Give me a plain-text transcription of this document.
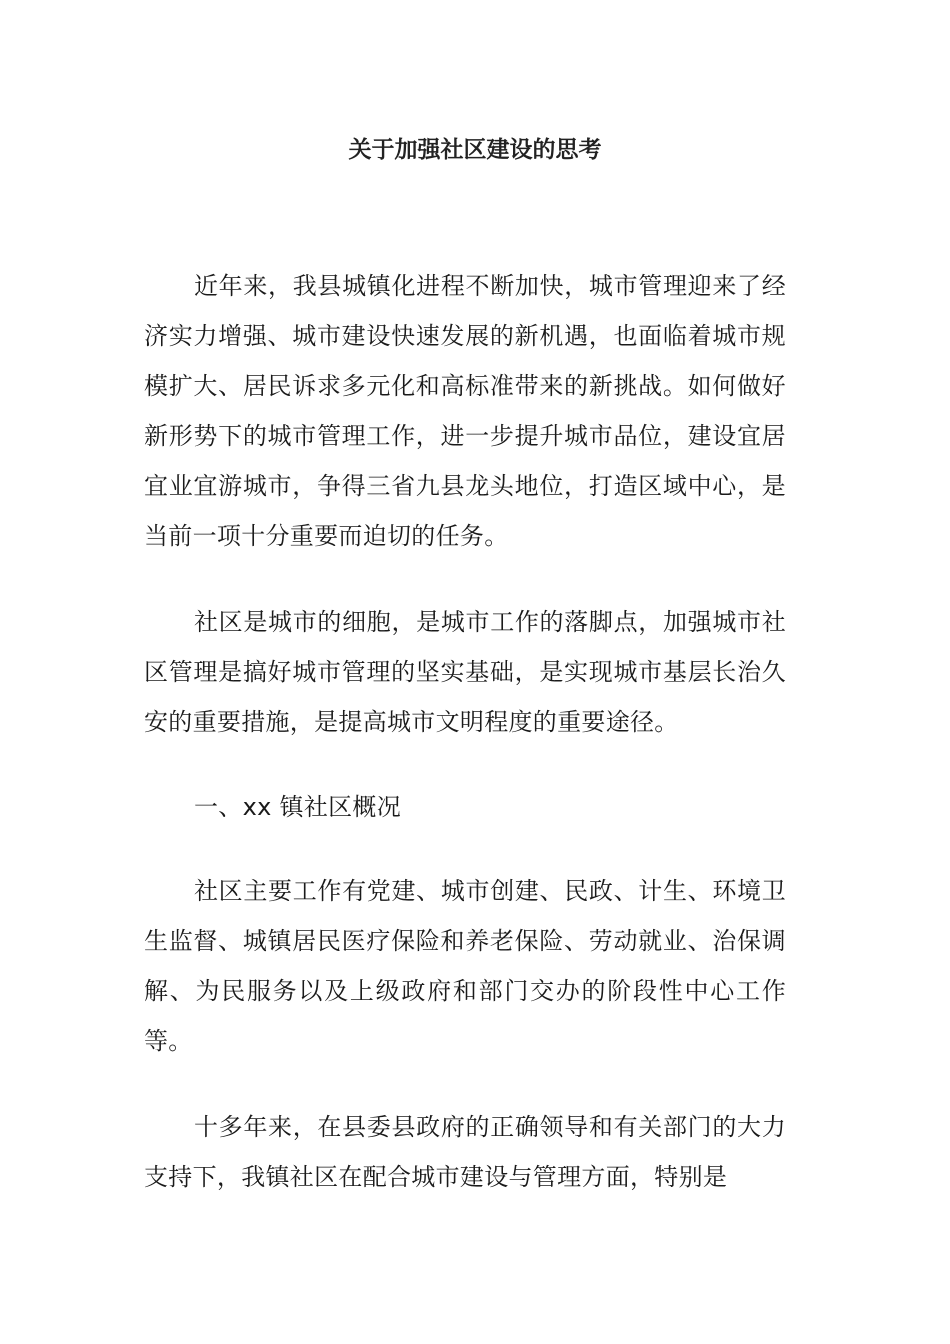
关于加强社区建设的思考

近年来，我县城镇化进程不断加快，城市管理迎来了经济实力增强、城市建设快速发展的新机遇，也面临着城市规模扩大、居民诉求多元化和高标准带来的新挑战。如何做好新形势下的城市管理工作，进一步提升城市品位，建设宜居宜业宜游城市，争得三省九县龙头地位，打造区域中心，是当前一项十分重要而迫切的任务。

社区是城市的细胞，是城市工作的落脚点，加强城市社区管理是搞好城市管理的坚实基础，是实现城市基层长治久安的重要措施，是提高城市文明程度的重要途径。

一、xx 镇社区概况

社区主要工作有党建、城市创建、民政、计生、环境卫生监督、城镇居民医疗保险和养老保险、劳动就业、治保调解、为民服务以及上级政府和部门交办的阶段性中心工作等。

十多年来，在县委县政府的正确领导和有关部门的大力支持下，我镇社区在配合城市建设与管理方面，特别是
